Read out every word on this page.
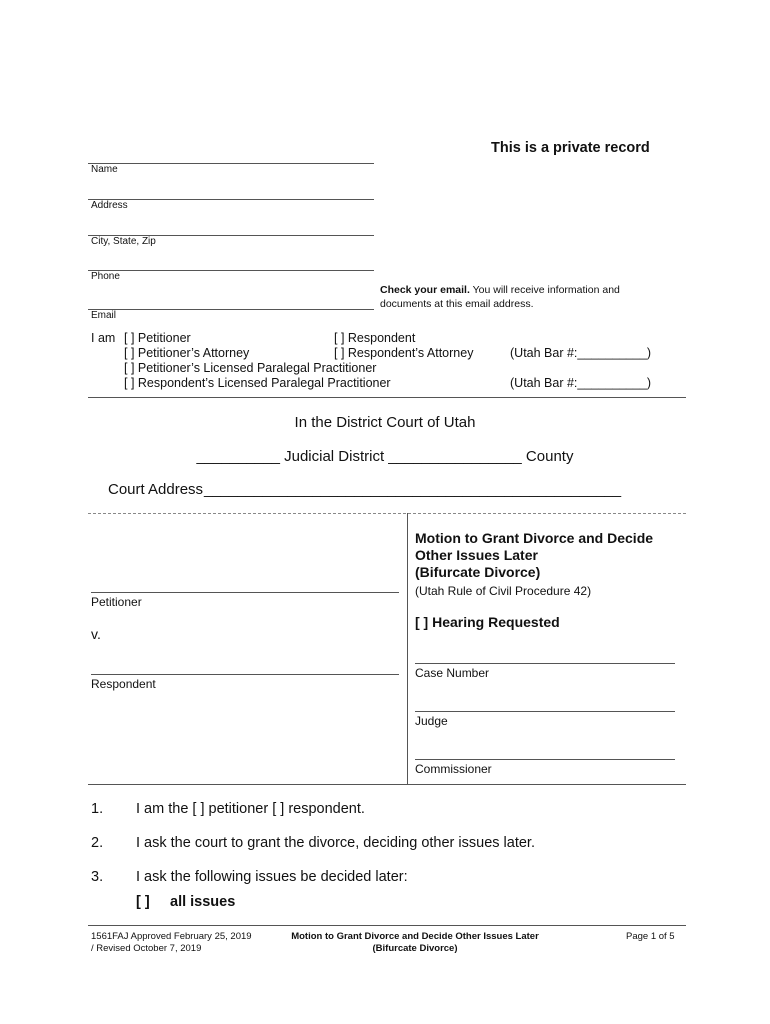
This is a private record
Name
Address
City, State, Zip
Phone
Email
Check your email. You will receive information and
documents at this email address.
I am [ ] Petitioner	[ ] Respondent
[ ] Petitioner’s Attorney	[ ] Respondent’s Attorney	(Utah Bar #:__________)
[ ] Petitioner’s Licensed Paralegal Practitioner
[ ] Respondent’s Licensed Paralegal Practitioner	(Utah Bar #:__________)
In the District Court of Utah
__________ Judicial District ________________ County
Court Address __________________________________________________
Petitioner
v.
Respondent
Motion to Grant Divorce and Decide
Other Issues Later
(Bifurcate Divorce)
(Utah Rule of Civil Procedure 42)
[ ] Hearing Requested
Case Number
Judge
Commissioner
1. I am the [ ] petitioner [ ] respondent.
2. I ask the court to grant the divorce, deciding other issues later.
3. I ask the following issues be decided later:
[ ] all issues
1561FAJ Approved February 25, 2019
/ Revised October 7, 2019
Motion to Grant Divorce and Decide Other Issues Later
(Bifurcate Divorce)
Page 1 of 5
